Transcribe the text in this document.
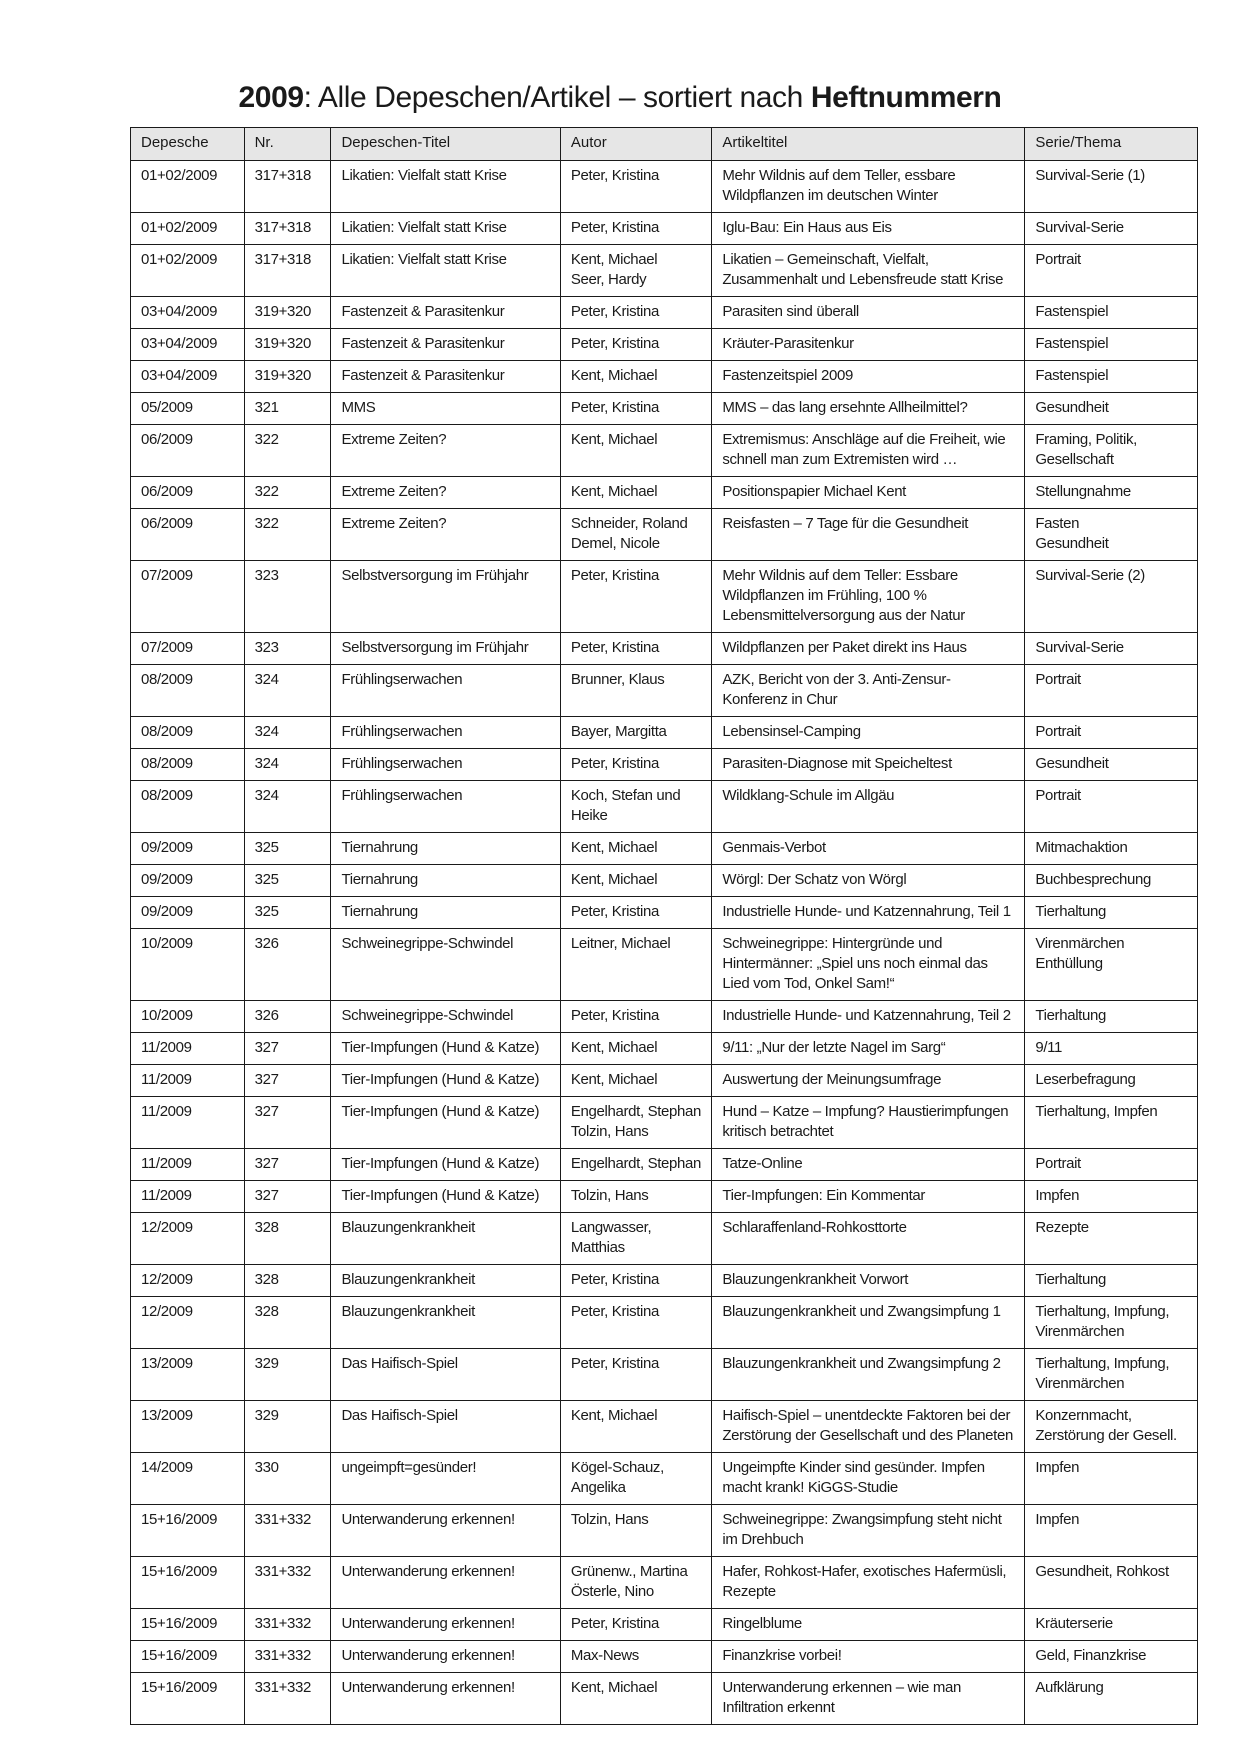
2009: Alle Depeschen/Artikel – sortiert nach Heftnummern
Depesche	Nr.	Depeschen-Titel	Autor	Artikeltitel	Serie/Thema

01+02/2009	317+318	Likatien: Vielfalt statt Krise	Peter, Kristina	Mehr Wildnis auf dem Teller, essbare
Wildpflanzen im deutschen Winter	Survival-Serie (1)

01+02/2009	317+318	Likatien: Vielfalt statt Krise	Peter, Kristina	Iglu-Bau: Ein Haus aus Eis	Survival-Serie

01+02/2009	317+318	Likatien: Vielfalt statt Krise	Kent, Michael
Seer, Hardy	Likatien – Gemeinschaft, Vielfalt,
Zusammenhalt und Lebensfreude statt Krise	Portrait

03+04/2009	319+320	Fastenzeit & Parasitenkur	Peter, Kristina	Parasiten sind überall	Fastenspiel

03+04/2009	319+320	Fastenzeit & Parasitenkur	Peter, Kristina	Kräuter-Parasitenkur	Fastenspiel

03+04/2009	319+320	Fastenzeit & Parasitenkur	Kent, Michael	Fastenzeitspiel 2009	Fastenspiel

05/2009	321	MMS	Peter, Kristina	MMS – das lang ersehnte Allheilmittel?	Gesundheit

06/2009	322	Extreme Zeiten?	Kent, Michael	Extremismus: Anschläge auf die Freiheit, wie
schnell man zum Extremisten wird …	Framing, Politik,
Gesellschaft

06/2009	322	Extreme Zeiten?	Kent, Michael	Positionspapier Michael Kent	Stellungnahme

06/2009	322	Extreme Zeiten?	Schneider, Roland
Demel, Nicole	Reisfasten – 7 Tage für die Gesundheit	Fasten
Gesundheit

07/2009	323	Selbstversorgung im Frühjahr	Peter, Kristina	Mehr Wildnis auf dem Teller: Essbare
Wildpflanzen im Frühling, 100 %
Lebensmittelversorgung aus der Natur	Survival-Serie (2)

07/2009	323	Selbstversorgung im Frühjahr	Peter, Kristina	Wildpflanzen per Paket direkt ins Haus	Survival-Serie

08/2009	324	Frühlingserwachen	Brunner, Klaus	AZK, Bericht von der 3. Anti-Zensur-
Konferenz in Chur	Portrait

08/2009	324	Frühlingserwachen	Bayer, Margitta	Lebensinsel-Camping	Portrait

08/2009	324	Frühlingserwachen	Peter, Kristina	Parasiten-Diagnose mit Speicheltest	Gesundheit

08/2009	324	Frühlingserwachen	Koch, Stefan und
Heike	Wildklang-Schule im Allgäu	Portrait

09/2009	325	Tiernahrung	Kent, Michael	Genmais-Verbot	Mitmachaktion

09/2009	325	Tiernahrung	Kent, Michael	Wörgl: Der Schatz von Wörgl	Buchbesprechung

09/2009	325	Tiernahrung	Peter, Kristina	Industrielle Hunde- und Katzennahrung, Teil 1	Tierhaltung

10/2009	326	Schweinegrippe-Schwindel	Leitner, Michael	Schweinegrippe: Hintergründe und
Hintermänner: „Spiel uns noch einmal das
Lied vom Tod, Onkel Sam!“	Virenmärchen
Enthüllung

10/2009	326	Schweinegrippe-Schwindel	Peter, Kristina	Industrielle Hunde- und Katzennahrung, Teil 2	Tierhaltung

11/2009	327	Tier-Impfungen (Hund & Katze)	Kent, Michael	9/11: „Nur der letzte Nagel im Sarg“	9/11

11/2009	327	Tier-Impfungen (Hund & Katze)	Kent, Michael	Auswertung der Meinungsumfrage	Leserbefragung

11/2009	327	Tier-Impfungen (Hund & Katze)	Engelhardt, Stephan
Tolzin, Hans	Hund – Katze – Impfung? Haustierimpfungen
kritisch betrachtet	Tierhaltung, Impfen

11/2009	327	Tier-Impfungen (Hund & Katze)	Engelhardt, Stephan	Tatze-Online	Portrait

11/2009	327	Tier-Impfungen (Hund & Katze)	Tolzin, Hans	Tier-Impfungen: Ein Kommentar	Impfen

12/2009	328	Blauzungenkrankheit	Langwasser,
Matthias	Schlaraffenland-Rohkosttorte	Rezepte

12/2009	328	Blauzungenkrankheit	Peter, Kristina	Blauzungenkrankheit Vorwort	Tierhaltung

12/2009	328	Blauzungenkrankheit	Peter, Kristina	Blauzungenkrankheit und Zwangsimpfung 1	Tierhaltung, Impfung,
Virenmärchen

13/2009	329	Das Haifisch-Spiel	Peter, Kristina	Blauzungenkrankheit und Zwangsimpfung 2	Tierhaltung, Impfung,
Virenmärchen

13/2009	329	Das Haifisch-Spiel	Kent, Michael	Haifisch-Spiel – unentdeckte Faktoren bei der
Zerstörung der Gesellschaft und des Planeten	Konzernmacht,
Zerstörung der Gesell.

14/2009	330	ungeimpft=gesünder!	Kögel-Schauz,
Angelika	Ungeimpfte Kinder sind gesünder. Impfen
macht krank! KiGGS-Studie	Impfen

15+16/2009	331+332	Unterwanderung erkennen!	Tolzin, Hans	Schweinegrippe: Zwangsimpfung steht nicht
im Drehbuch	Impfen

15+16/2009	331+332	Unterwanderung erkennen!	Grünenw., Martina
Österle, Nino	Hafer, Rohkost-Hafer, exotisches Hafermüsli,
Rezepte	Gesundheit, Rohkost

15+16/2009	331+332	Unterwanderung erkennen!	Peter, Kristina	Ringelblume	Kräuterserie

15+16/2009	331+332	Unterwanderung erkennen!	Max-News	Finanzkrise vorbei!	Geld, Finanzkrise

15+16/2009	331+332	Unterwanderung erkennen!	Kent, Michael	Unterwanderung erkennen – wie man
Infiltration erkennt	Aufklärung
